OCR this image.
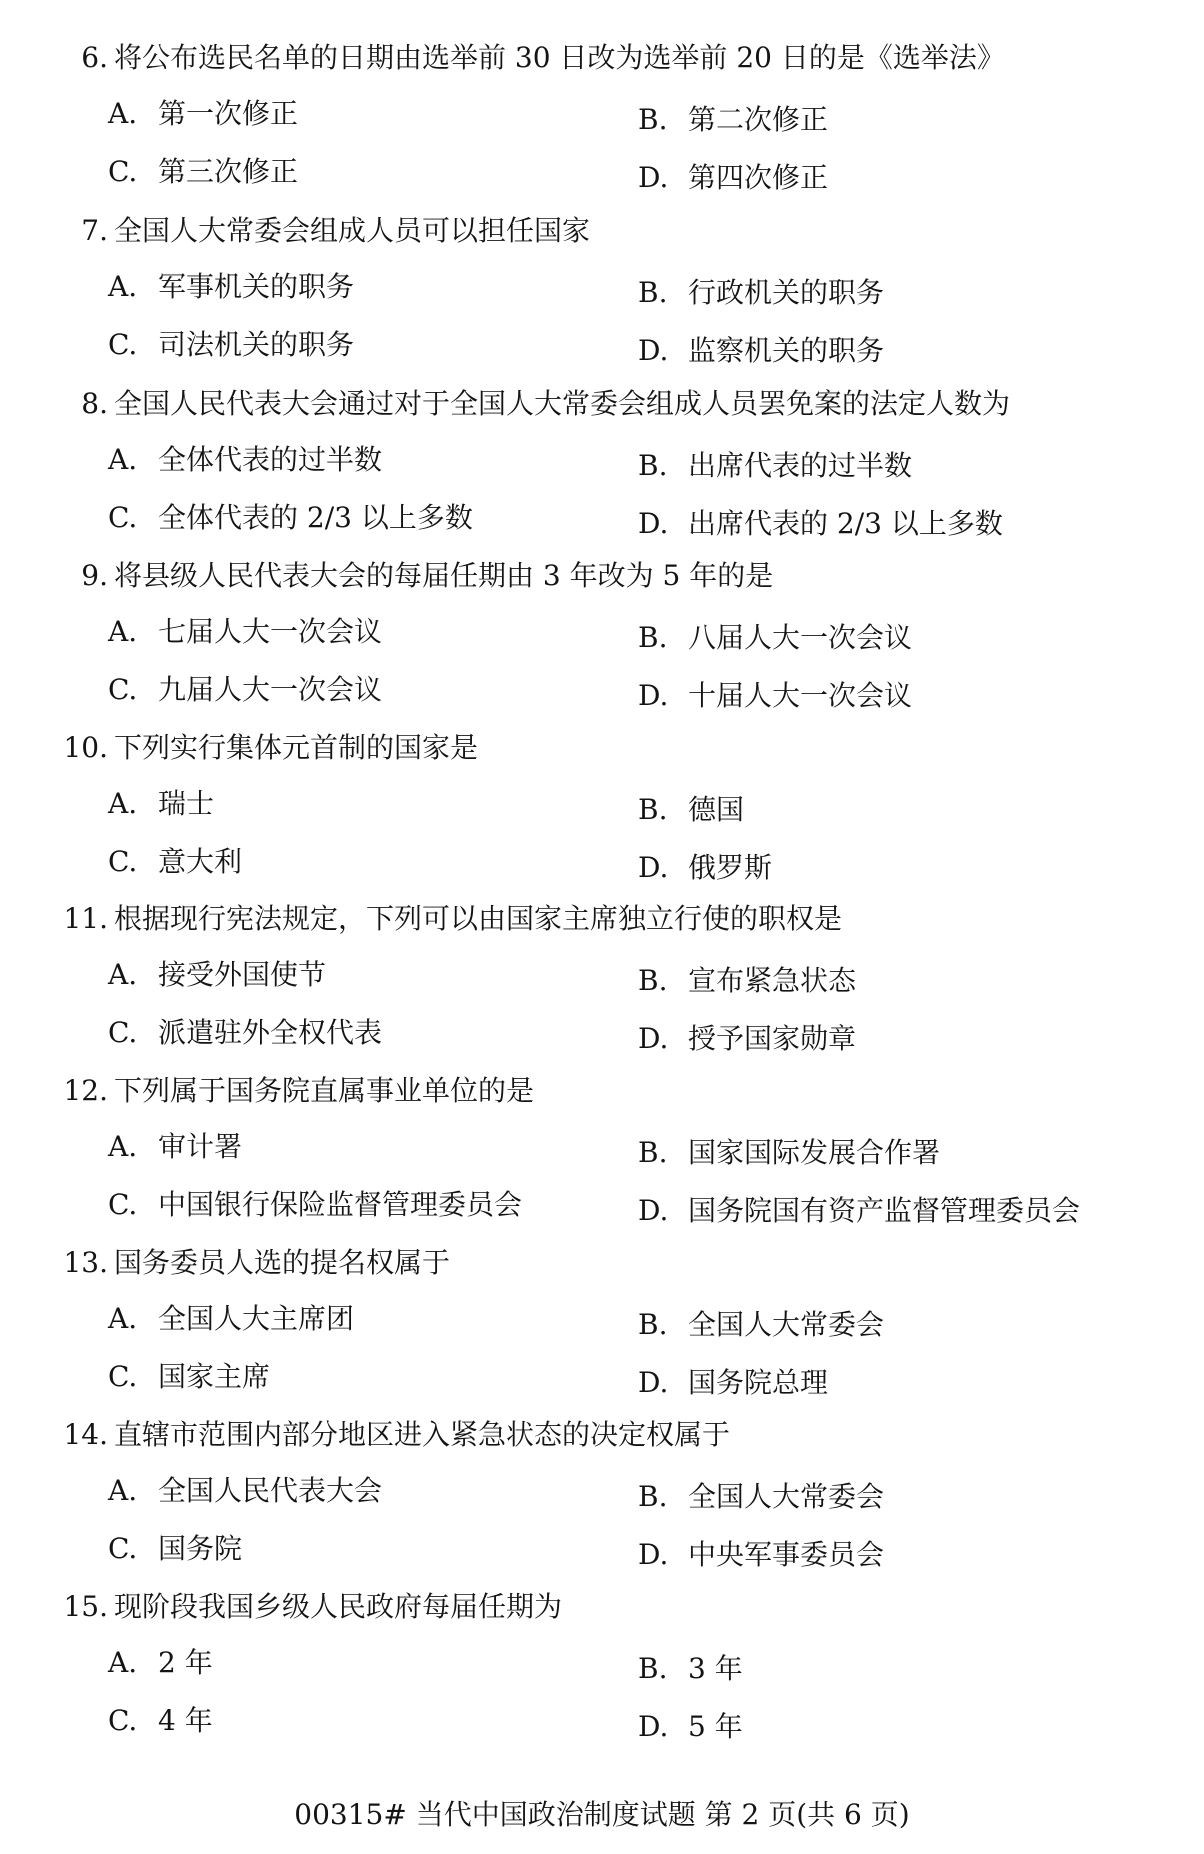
6. 将公布选民名单的日期由选举前 30 日改为选举前 20 日的是《选举法》
A. 第一次修正	B. 第二次修正
C. 第三次修正	D. 第四次修正
7. 全国人大常委会组成人员可以担任国家
A. 军事机关的职务	B. 行政机关的职务
C. 司法机关的职务	D. 监察机关的职务
8. 全国人民代表大会通过对于全国人大常委会组成人员罢免案的法定人数为
A. 全体代表的过半数	B. 出席代表的过半数
C. 全体代表的 2/3 以上多数	D. 出席代表的 2/3 以上多数
9. 将县级人民代表大会的每届任期由 3 年改为 5 年的是
A. 七届人大一次会议	B. 八届人大一次会议
C. 九届人大一次会议	D. 十届人大一次会议
10. 下列实行集体元首制的国家是
A. 瑞士	B. 德国
C. 意大利	D. 俄罗斯
11. 根据现行宪法规定，下列可以由国家主席独立行使的职权是
A. 接受外国使节	B. 宣布紧急状态
C. 派遣驻外全权代表	D. 授予国家勋章
12. 下列属于国务院直属事业单位的是
A. 审计署	B. 国家国际发展合作署
C. 中国银行保险监督管理委员会	D. 国务院国有资产监督管理委员会
13. 国务委员人选的提名权属于
A. 全国人大主席团	B. 全国人大常委会
C. 国家主席	D. 国务院总理
14. 直辖市范围内部分地区进入紧急状态的决定权属于
A. 全国人民代表大会	B. 全国人大常委会
C. 国务院	D. 中央军事委员会
15. 现阶段我国乡级人民政府每届任期为
A. 2 年	B. 3 年
C. 4 年	D. 5 年
00315# 当代中国政治制度试题 第 2 页(共 6 页)
